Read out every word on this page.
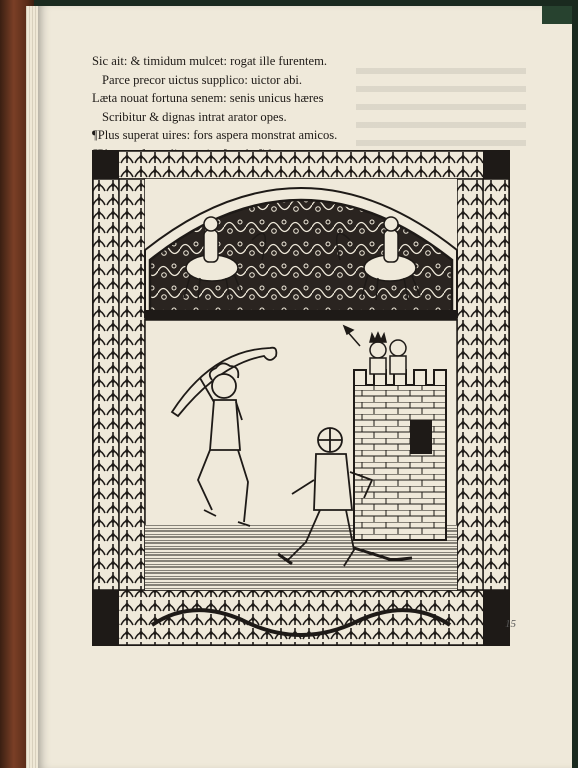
Sic ait: & timidum mulcet: rogat ille furentem.
Parce precor uictus supplico: uictor abi.
Læta nouat fortuna senem: senis unicus hæres
Scribitur & dignas intrat arator opes.
¶Plus superat uires: fors aspera monstrat amicos.
15
